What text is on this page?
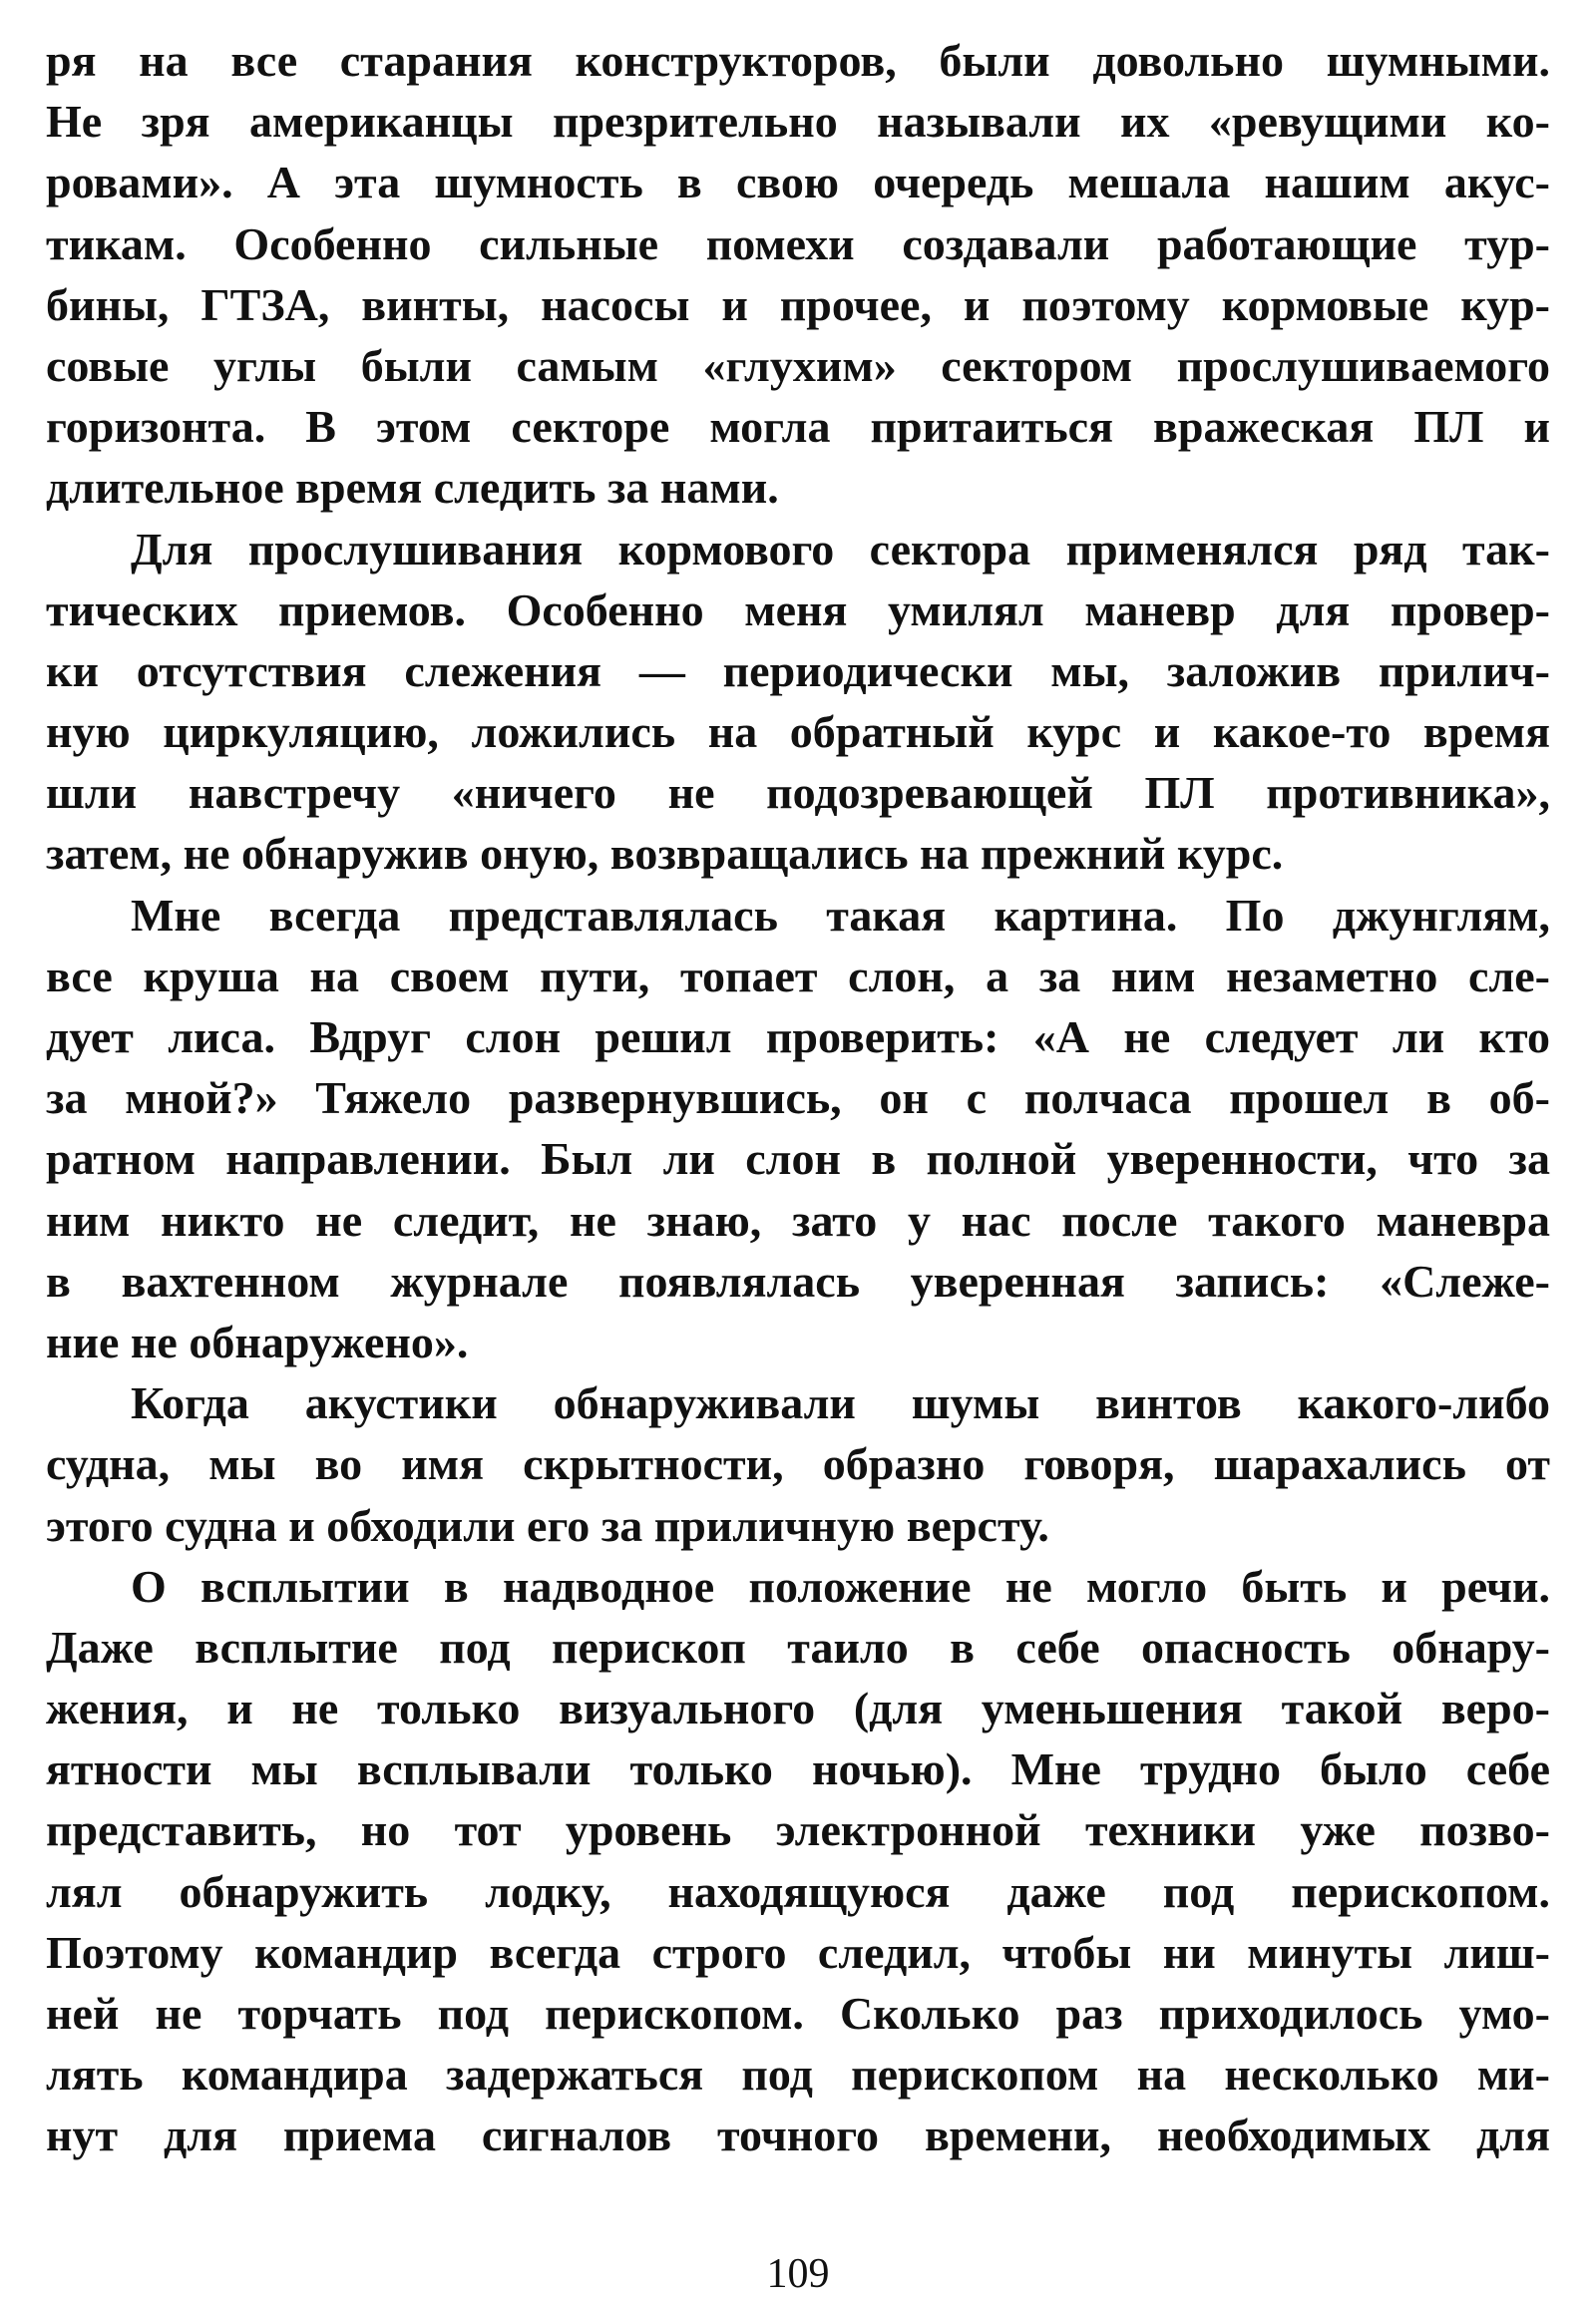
ря на все старания конструкторов, были довольно шумными.
Не зря американцы презрительно называли их «ревущими ко-
ровами». А эта шумность в свою очередь мешала нашим акус-
тикам. Особенно сильные помехи создавали работающие тур-
бины, ГТЗА, винты, насосы и прочее, и поэтому кормовые кур-
совые углы были самым «глухим» сектором прослушиваемого
горизонта. В этом секторе могла притаиться вражеская ПЛ и
длительное время следить за нами.
Для прослушивания кормового сектора применялся ряд так-
тических приемов. Особенно меня умилял маневр для провер-
ки отсутствия слежения — периодически мы, заложив прилич-
ную циркуляцию, ложились на обратный курс и какое-то время
шли навстречу «ничего не подозревающей ПЛ противника»,
затем, не обнаружив оную, возвращались на прежний курс.
Мне всегда представлялась такая картина. По джунглям,
все круша на своем пути, топает слон, а за ним незаметно сле-
дует лиса. Вдруг слон решил проверить: «А не следует ли кто
за мной?» Тяжело развернувшись, он с полчаса прошел в об-
ратном направлении. Был ли слон в полной уверенности, что за
ним никто не следит, не знаю, зато у нас после такого маневра
в вахтенном журнале появлялась уверенная запись: «Слеже-
ние не обнаружено».
Когда акустики обнаруживали шумы винтов какого-либо
судна, мы во имя скрытности, образно говоря, шарахались от
этого судна и обходили его за приличную версту.
О всплытии в надводное положение не могло быть и речи.
Даже всплытие под перископ таило в себе опасность обнару-
жения, и не только визуального (для уменьшения такой веро-
ятности мы всплывали только ночью). Мне трудно было себе
представить, но тот уровень электронной техники уже позво-
лял обнаружить лодку, находящуюся даже под перископом.
Поэтому командир всегда строго следил, чтобы ни минуты лиш-
ней не торчать под перископом. Сколько раз приходилось умо-
лять командира задержаться под перископом на несколько ми-
нут для приема сигналов точного времени, необходимых для
109
